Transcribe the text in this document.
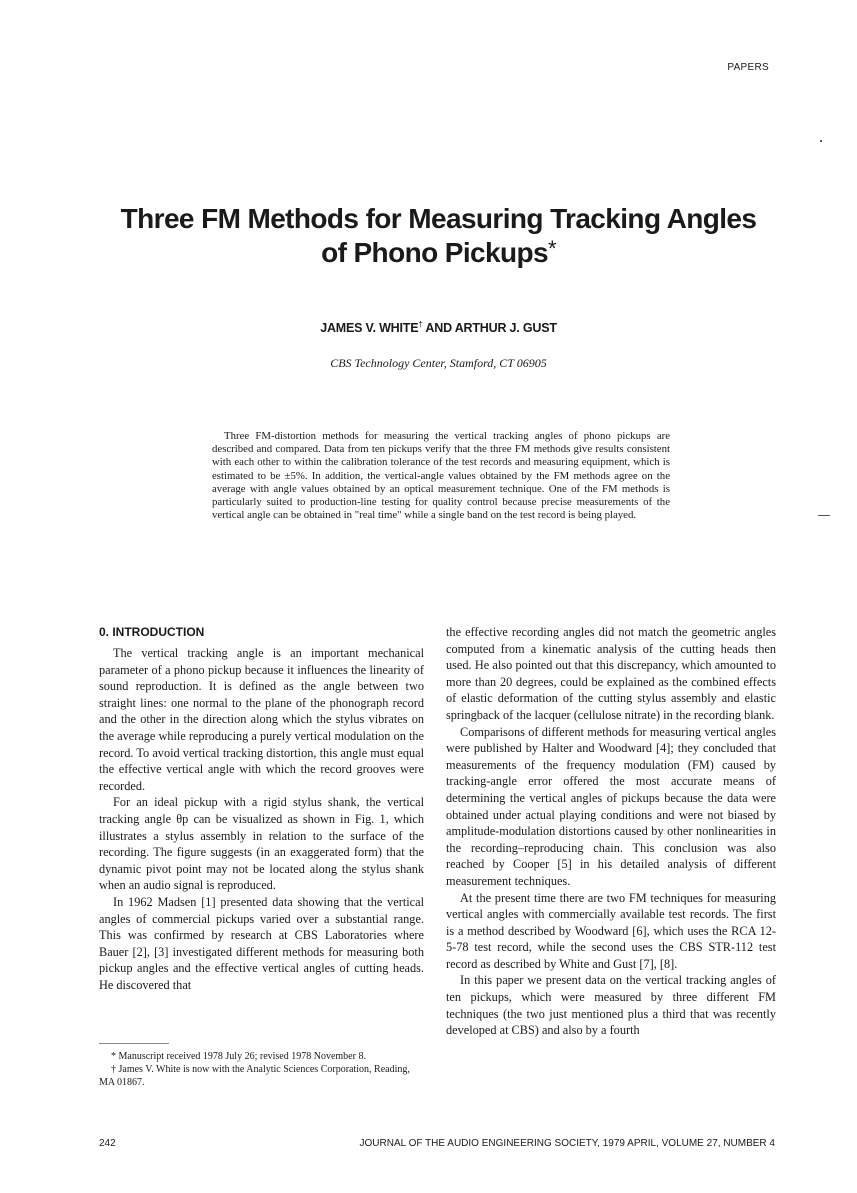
PAPERS
Three FM Methods for Measuring Tracking Angles
of Phono Pickups*
JAMES V. WHITE† AND ARTHUR J. GUST
CBS Technology Center, Stamford, CT 06905

Three FM-distortion methods for measuring the vertical tracking angles of phono pickups are described and compared. Data from ten pickups verify that the three FM methods give results consistent with each other to within the calibration tolerance of the test records and measuring equipment, which is estimated to be ±5%. In addition, the vertical-angle values obtained by the FM methods agree on the average with angle values obtained by an optical measurement technique. One of the FM methods is particularly suited to production-line testing for quality control because precise measurements of the vertical angle can be obtained in "real time" while a single band on the test record is being played.

0. INTRODUCTION

The vertical tracking angle is an important mechanical parameter of a phono pickup because it influences the linearity of sound reproduction. It is defined as the angle between two straight lines: one normal to the plane of the phonograph record and the other in the direction along which the stylus vibrates on the average while reproducing a purely vertical modulation on the record. To avoid vertical tracking distortion, this angle must equal the effective vertical angle with which the record grooves were recorded.

For an ideal pickup with a rigid stylus shank, the vertical tracking angle θp can be visualized as shown in Fig. 1, which illustrates a stylus assembly in relation to the surface of the recording. The figure suggests (in an exaggerated form) that the dynamic pivot point may not be located along the stylus shank when an audio signal is reproduced.

In 1962 Madsen [1] presented data showing that the vertical angles of commercial pickups varied over a substantial range. This was confirmed by research at CBS Laboratories where Bauer [2], [3] investigated different methods for measuring both pickup angles and the effective vertical angles of cutting heads. He discovered that

the effective recording angles did not match the geometric angles computed from a kinematic analysis of the cutting heads then used. He also pointed out that this discrepancy, which amounted to more than 20 degrees, could be explained as the combined effects of elastic deformation of the cutting stylus assembly and elastic springback of the lacquer (cellulose nitrate) in the recording blank.

Comparisons of different methods for measuring vertical angles were published by Halter and Woodward [4]; they concluded that measurements of the frequency modulation (FM) caused by tracking-angle error offered the most accurate means of determining the vertical angles of pickups because the data were obtained under actual playing conditions and were not biased by amplitude-modulation distortions caused by other nonlinearities in the recording–reproducing chain. This conclusion was also reached by Cooper [5] in his detailed analysis of different measurement techniques.

At the present time there are two FM techniques for measuring vertical angles with commercially available test records. The first is a method described by Woodward [6], which uses the RCA 12-5-78 test record, while the second uses the CBS STR-112 test record as described by White and Gust [7], [8].

In this paper we present data on the vertical tracking angles of ten pickups, which were measured by three different FM techniques (the two just mentioned plus a third that was recently developed at CBS) and also by a fourth

* Manuscript received 1978 July 26; revised 1978 November 8.

† James V. White is now with the Analytic Sciences Corporation, Reading, MA 01867.

242	JOURNAL OF THE AUDIO ENGINEERING SOCIETY, 1979 APRIL, VOLUME 27, NUMBER 4
